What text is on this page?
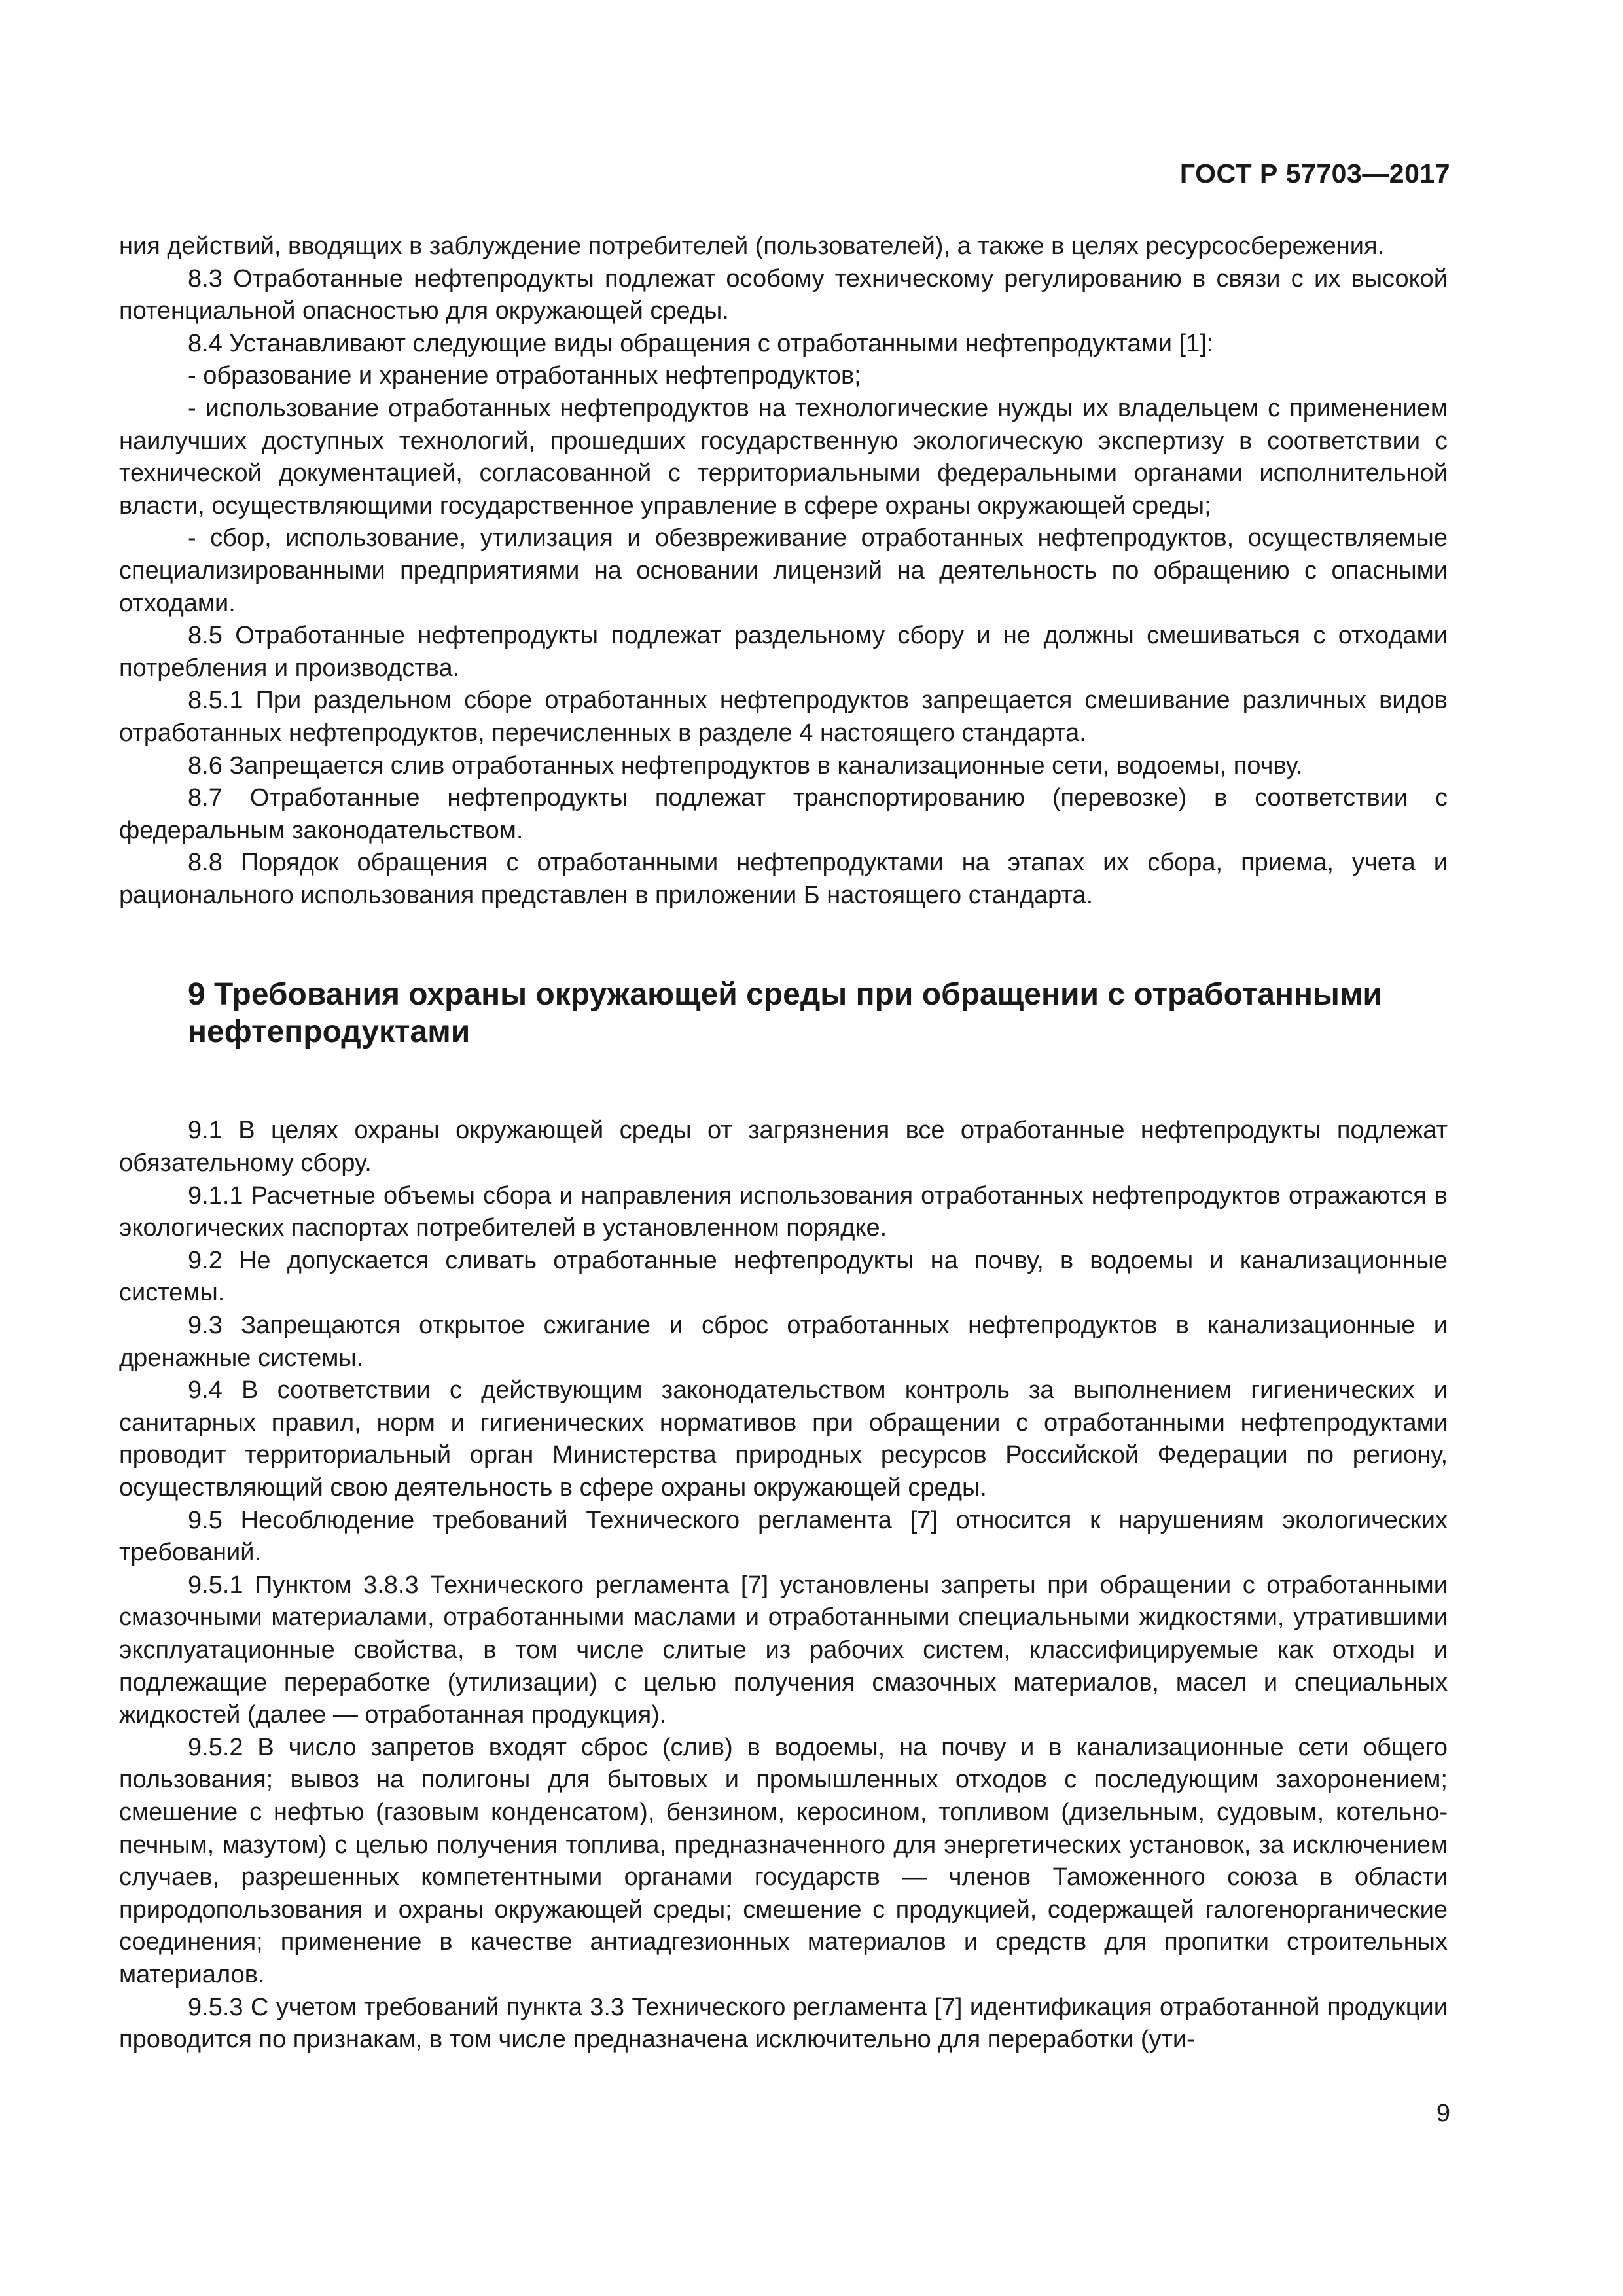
ГОСТ Р 57703—2017

ния действий, вводящих в заблуждение потребителей (пользователей), а также в целях ресурсосбережения.

8.3 Отработанные нефтепродукты подлежат особому техническому регулированию в связи с их высокой потенциальной опасностью для окружающей среды.

8.4 Устанавливают следующие виды обращения с отработанными нефтепродуктами [1]:

- образование и хранение отработанных нефтепродуктов;

- использование отработанных нефтепродуктов на технологические нужды их владельцем с применением наилучших доступных технологий, прошедших государственную экологическую экспертизу в соответствии с технической документацией, согласованной с территориальными федеральными органами исполнительной власти, осуществляющими государственное управление в сфере охраны окружающей среды;

- сбор, использование, утилизация и обезвреживание отработанных нефтепродуктов, осуществляемые специализированными предприятиями на основании лицензий на деятельность по обращению с опасными отходами.

8.5 Отработанные нефтепродукты подлежат раздельному сбору и не должны смешиваться с отходами потребления и производства.

8.5.1 При раздельном сборе отработанных нефтепродуктов запрещается смешивание различных видов отработанных нефтепродуктов, перечисленных в разделе 4 настоящего стандарта.

8.6 Запрещается слив отработанных нефтепродуктов в канализационные сети, водоемы, почву.

8.7 Отработанные нефтепродукты подлежат транспортированию (перевозке) в соответствии с федеральным законодательством.

8.8 Порядок обращения с отработанными нефтепродуктами на этапах их сбора, приема, учета и рационального использования представлен в приложении Б настоящего стандарта.

9 Требования охраны окружающей среды при обращении с отработанными нефтепродуктами

9.1 В целях охраны окружающей среды от загрязнения все отработанные нефтепродукты подлежат обязательному сбору.

9.1.1 Расчетные объемы сбора и направления использования отработанных нефтепродуктов отражаются в экологических паспортах потребителей в установленном порядке.

9.2 Не допускается сливать отработанные нефтепродукты на почву, в водоемы и канализационные системы.

9.3 Запрещаются открытое сжигание и сброс отработанных нефтепродуктов в канализационные и дренажные системы.

9.4 В соответствии с действующим законодательством контроль за выполнением гигиенических и санитарных правил, норм и гигиенических нормативов при обращении с отработанными нефтепродуктами проводит территориальный орган Министерства природных ресурсов Российской Федерации по региону, осуществляющий свою деятельность в сфере охраны окружающей среды.

9.5 Несоблюдение требований Технического регламента [7] относится к нарушениям экологических требований.

9.5.1 Пунктом 3.8.3 Технического регламента [7] установлены запреты при обращении с отработанными смазочными материалами, отработанными маслами и отработанными специальными жидкостями, утратившими эксплуатационные свойства, в том числе слитые из рабочих систем, классифицируемые как отходы и подлежащие переработке (утилизации) с целью получения смазочных материалов, масел и специальных жидкостей (далее — отработанная продукция).

9.5.2 В число запретов входят сброс (слив) в водоемы, на почву и в канализационные сети общего пользования; вывоз на полигоны для бытовых и промышленных отходов с последующим захоронением; смешение с нефтью (газовым конденсатом), бензином, керосином, топливом (дизельным, судовым, котельно-печным, мазутом) с целью получения топлива, предназначенного для энергетических установок, за исключением случаев, разрешенных компетентными органами государств — членов Таможенного союза в области природопользования и охраны окружающей среды; смешение с продукцией, содержащей галогенорганические соединения; применение в качестве антиадгезионных материалов и средств для пропитки строительных материалов.

9.5.3 С учетом требований пункта 3.3 Технического регламента [7] идентификация отработанной продукции проводится по признакам, в том числе предназначена исключительно для переработки (ути-

9
